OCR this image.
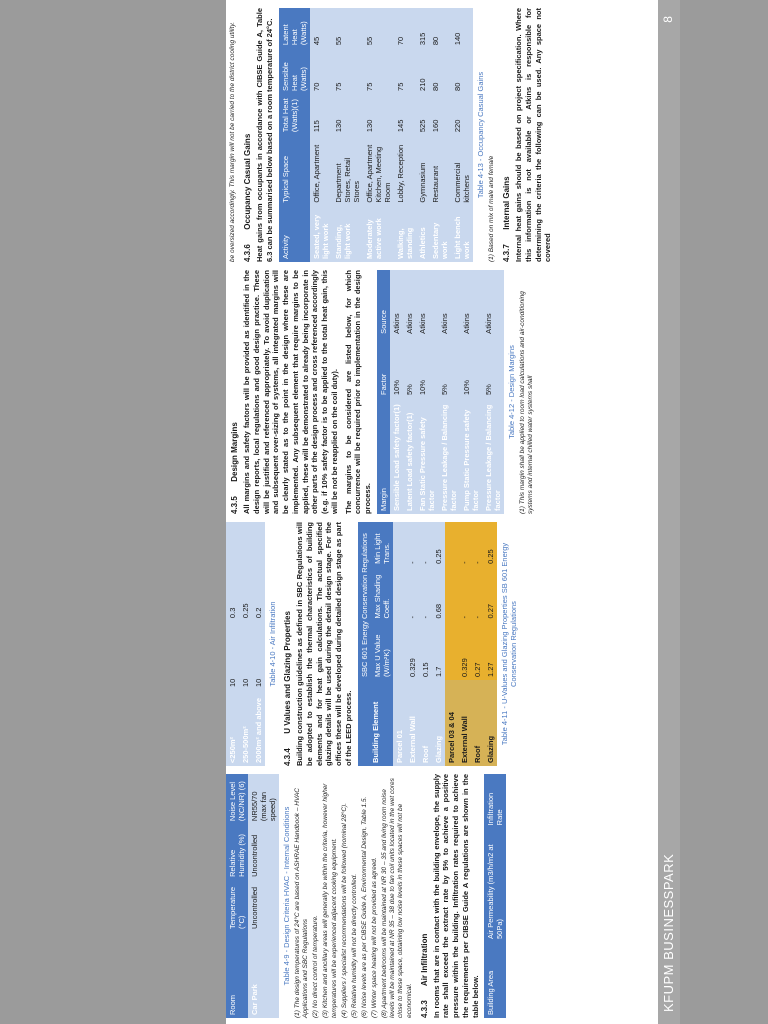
Room	Temperature (°C)	Relative Humidity (%)	Noise Level (NC/NR) (6)
Car Park	Uncontrolled	Uncontrolled	NR55/70 (max fan speed) Table 4-9 - Design Criteria HVAC - Internal Conditions (1) The design temperatures of 24°C are based on ASHRAE Handbook – HVAC Applications and SBC Regulations (2) No direct control of temperature. (3) Kitchen and ancillary areas will generally be within the criteria, however higher temperatures will be experienced adjacent cooking equipment. (4) Suppliers / specialist recommendations will be followed (nominal 28°C). (5) Relative humidity will not be directly controlled. (6) Noise levels are as per CIBSE Guide A, Environmental Design, Table 1.5. (7) Winter space heating will not be provided as agreed. (8) Apartment bedrooms will be maintained at NR 30 – 35 and living room noise levels will be maintained at NR 35 – 38 due to fan coil units located in the wet cores close to these space, obtaining low noise levels in these spaces will not be economical. 4.3.3 Air Infiltration In rooms that are in contact with the building envelope, the supply rate shall exceed the extract rate by 5% to achieve a positive pressure within the building. Infiltration rates required to achieve the requirements per CIBSE Guide A regulations are shown in the table below. Building Area	Air Permeability (m3/h/m2 at 50Pa)	Infiltration Rate
<250m²	10	0.3
250-500m²	10	0.25
2000m² and above	10	0.2 Table 4-10 - Air Infiltration
4.3.4 U Values and Glazing Properties Building construction guidelines as defined in SBC Regulations will be adopted to establish the thermal characteristics of building elements and for heat gain calculations. The actual specified glazing details will be used during the detail design stage. For the offices these will be developed during detailed design stage as part of the LEED process. Building Element	SBC 601 Energy Conservation Regulations		
	Max U Value (W/m²K)	Max Shading Coeff.	Min Light Trans.
Parcel 01			
External Wall	0.329	-	-
Roof	0.15	-	-
Glazing	1.7	0.68	0.25
Parcel 03 & 04			
External Wall	0.329	-	-
Roof	0.27	-	-
Glazing	1.27	0.27	0.25 Table 4-11 - U-Values and Glazing Properties SB 601 Energy Conservation Regulations
4.3.5 Design Margins All margins and safety factors will be provided as identified in the design reports, local regulations and good design practice. These will be justified and referenced appropriately. To avoid duplication and subsequent over-sizing of systems, all integrated margins will be clearly stated as to the point in the design where these are implemented. Any subsequent element that require margins to be applied, these will be demonstrated to already being incorporate in other parts of the design process and cross referenced accordingly (e.g. if 10% safety factor is to be applied to the total heat gain, this will be not be reapplied on the coil duty). The margins to be considered are listed below, for which concurrence will be required prior to implementation in the design process. Margin	Factor	Source
Sensible Load safety factor(1)	10%	Atkins
Latent Load safety factor(1)	5%	Atkins
Fan Static Pressure safety factor	10%	Atkins
Pressure Leakage / Balancing factor	5%	Atkins
Pump Static Pressure safety factor	10%	Atkins
Pressure Leakage / Balancing factor	5%	Atkins
Table 4-12 - Design Margins (1) This margin shall be applied to room load calculations and air-conditioning systems and internal chilled water systems shall
be oversized accordingly. This margin will not be carried to the district cooling utility. 4.3.6 Occupancy Casual Gains Heat gains from occupants in accordance with CIBSE Guide A, Table 6.3 can be summarised below based on a room temperature of 24°C. Activity	Typical Space	Total Heat (Watts)(1)	Sensible Heat (Watts)	Latent Heat (Watts)
Seated, very light work	Office, Apartment	115	70	45
Standing, light work	Department Stores, Retail Stores	130	75	55
Moderately active work	Office, Apartment Kitchen, Meeting Room	130	75	55
Walking, standing	Lobby, Reception	145	75	70
Athletics	Gymnasium	525	210	315
Sedentary work	Restaurant	160	80	80
Light bench work	Commercial kitchens	220	80	140
Table 4-13 - Occupancy Casual Gains
(1) Based on mix of male and female 4.3.7 Internal Gains Internal heat gains should be based on project specification. Where this information is not available or Atkins is responsible for determining the criteria the following can be used. Any space not covered
KFUPM BUSINESSPARK
8
